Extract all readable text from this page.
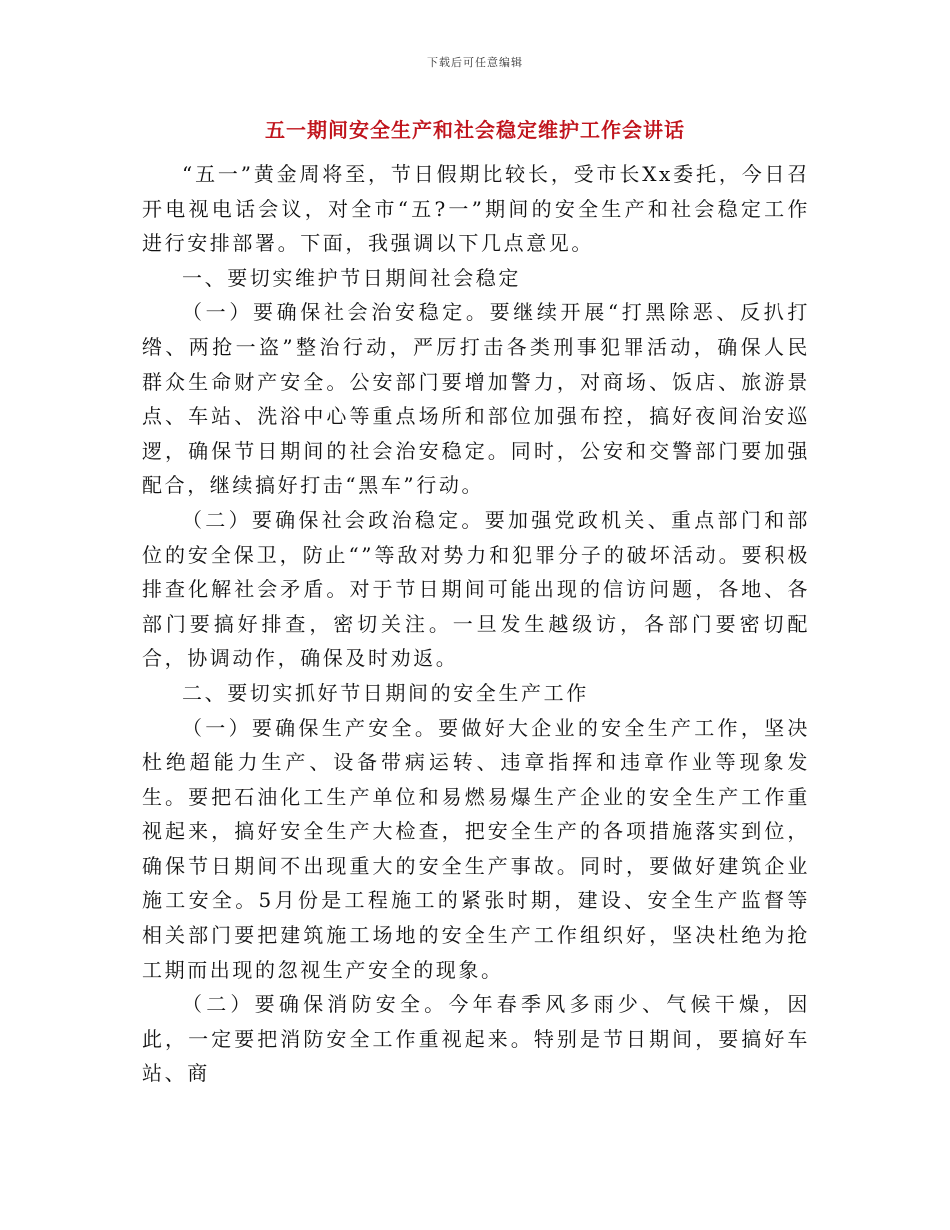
下载后可任意编辑
五一期间安全生产和社会稳定维护工作会讲话

“五一”黄金周将至，节日假期比较长，受市长Xx委托，今日召开电视电话会议，对全市“五?一”期间的安全生产和社会稳定工作进行安排部署。下面，我强调以下几点意见。

一、要切实维护节日期间社会稳定

（一）要确保社会治安稳定。要继续开展“打黑除恶、反扒打绺、两抢一盗”整治行动，严厉打击各类刑事犯罪活动，确保人民群众生命财产安全。公安部门要增加警力，对商场、饭店、旅游景点、车站、洗浴中心等重点场所和部位加强布控，搞好夜间治安巡逻，确保节日期间的社会治安稳定。同时，公安和交警部门要加强配合，继续搞好打击“黑车”行动。

（二）要确保社会政治稳定。要加强党政机关、重点部门和部位的安全保卫，防止“”等敌对势力和犯罪分子的破坏活动。要积极排查化解社会矛盾。对于节日期间可能出现的信访问题，各地、各部门要搞好排查，密切关注。一旦发生越级访，各部门要密切配合，协调动作，确保及时劝返。

二、要切实抓好节日期间的安全生产工作

（一）要确保生产安全。要做好大企业的安全生产工作，坚决杜绝超能力生产、设备带病运转、违章指挥和违章作业等现象发生。要把石油化工生产单位和易燃易爆生产企业的安全生产工作重视起来，搞好安全生产大检查，把安全生产的各项措施落实到位，确保节日期间不出现重大的安全生产事故。同时，要做好建筑企业施工安全。5月份是工程施工的紧张时期，建设、安全生产监督等相关部门要把建筑施工场地的安全生产工作组织好，坚决杜绝为抢工期而出现的忽视生产安全的现象。

（二）要确保消防安全。今年春季风多雨少、气候干燥，因此，一定要把消防安全工作重视起来。特别是节日期间，要搞好车站、商
